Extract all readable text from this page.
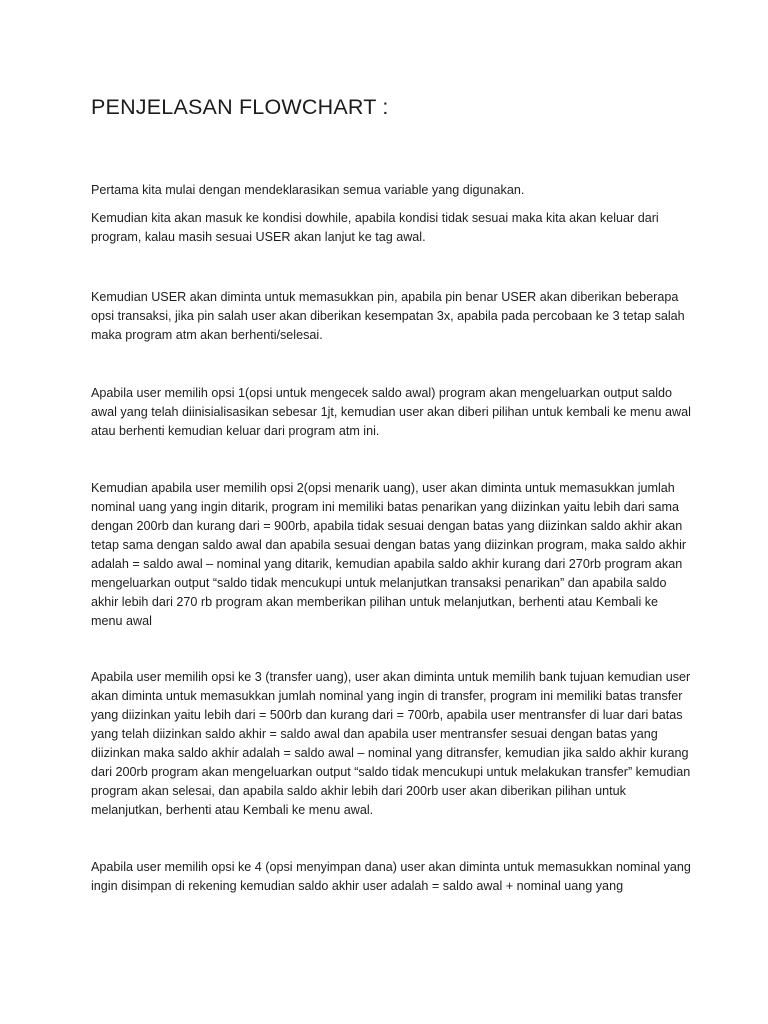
PENJELASAN FLOWCHART :

Pertama kita mulai dengan mendeklarasikan semua variable yang digunakan.

Kemudian kita akan masuk ke kondisi dowhile, apabila kondisi tidak sesuai maka kita akan keluar dari program, kalau masih sesuai USER akan lanjut ke tag awal.

Kemudian USER akan diminta untuk memasukkan pin, apabila pin benar USER akan diberikan beberapa opsi transaksi, jika pin salah user akan diberikan kesempatan 3x, apabila pada percobaan ke 3 tetap salah maka program atm akan berhenti/selesai.

Apabila user memilih opsi 1(opsi untuk mengecek saldo awal) program akan mengeluarkan output saldo awal yang telah diinisialisasikan sebesar 1jt, kemudian user akan diberi pilihan untuk kembali ke menu awal atau berhenti kemudian keluar dari program atm ini.

Kemudian apabila user memilih opsi 2(opsi menarik uang), user akan diminta untuk memasukkan jumlah nominal uang yang ingin ditarik, program ini memiliki batas penarikan yang diizinkan yaitu lebih dari sama dengan 200rb dan kurang dari = 900rb, apabila tidak sesuai dengan batas yang diizinkan saldo akhir akan tetap sama dengan saldo awal dan apabila sesuai dengan batas yang diizinkan program, maka saldo akhir adalah = saldo awal – nominal yang ditarik, kemudian apabila saldo akhir kurang dari 270rb program akan mengeluarkan output “saldo tidak mencukupi untuk melanjutkan transaksi penarikan” dan apabila saldo akhir lebih dari 270 rb program akan memberikan pilihan untuk melanjutkan, berhenti atau Kembali ke menu awal

Apabila user memilih opsi ke 3 (transfer uang), user akan diminta untuk memilih bank tujuan kemudian user akan diminta untuk memasukkan jumlah nominal yang ingin di transfer, program ini memiliki batas transfer yang diizinkan yaitu lebih dari = 500rb dan kurang dari = 700rb, apabila user mentransfer di luar dari batas yang telah diizinkan saldo akhir = saldo awal dan apabila user mentransfer sesuai dengan batas yang diizinkan maka saldo akhir adalah = saldo awal – nominal yang ditransfer, kemudian jika saldo akhir kurang dari 200rb program akan mengeluarkan output “saldo tidak mencukupi untuk melakukan transfer” kemudian program akan selesai, dan apabila saldo akhir lebih dari 200rb user akan diberikan pilihan untuk melanjutkan, berhenti atau Kembali ke menu awal.

Apabila user memilih opsi ke 4 (opsi menyimpan dana) user akan diminta untuk memasukkan nominal yang ingin disimpan di rekening kemudian saldo akhir user adalah = saldo awal + nominal uang yang
